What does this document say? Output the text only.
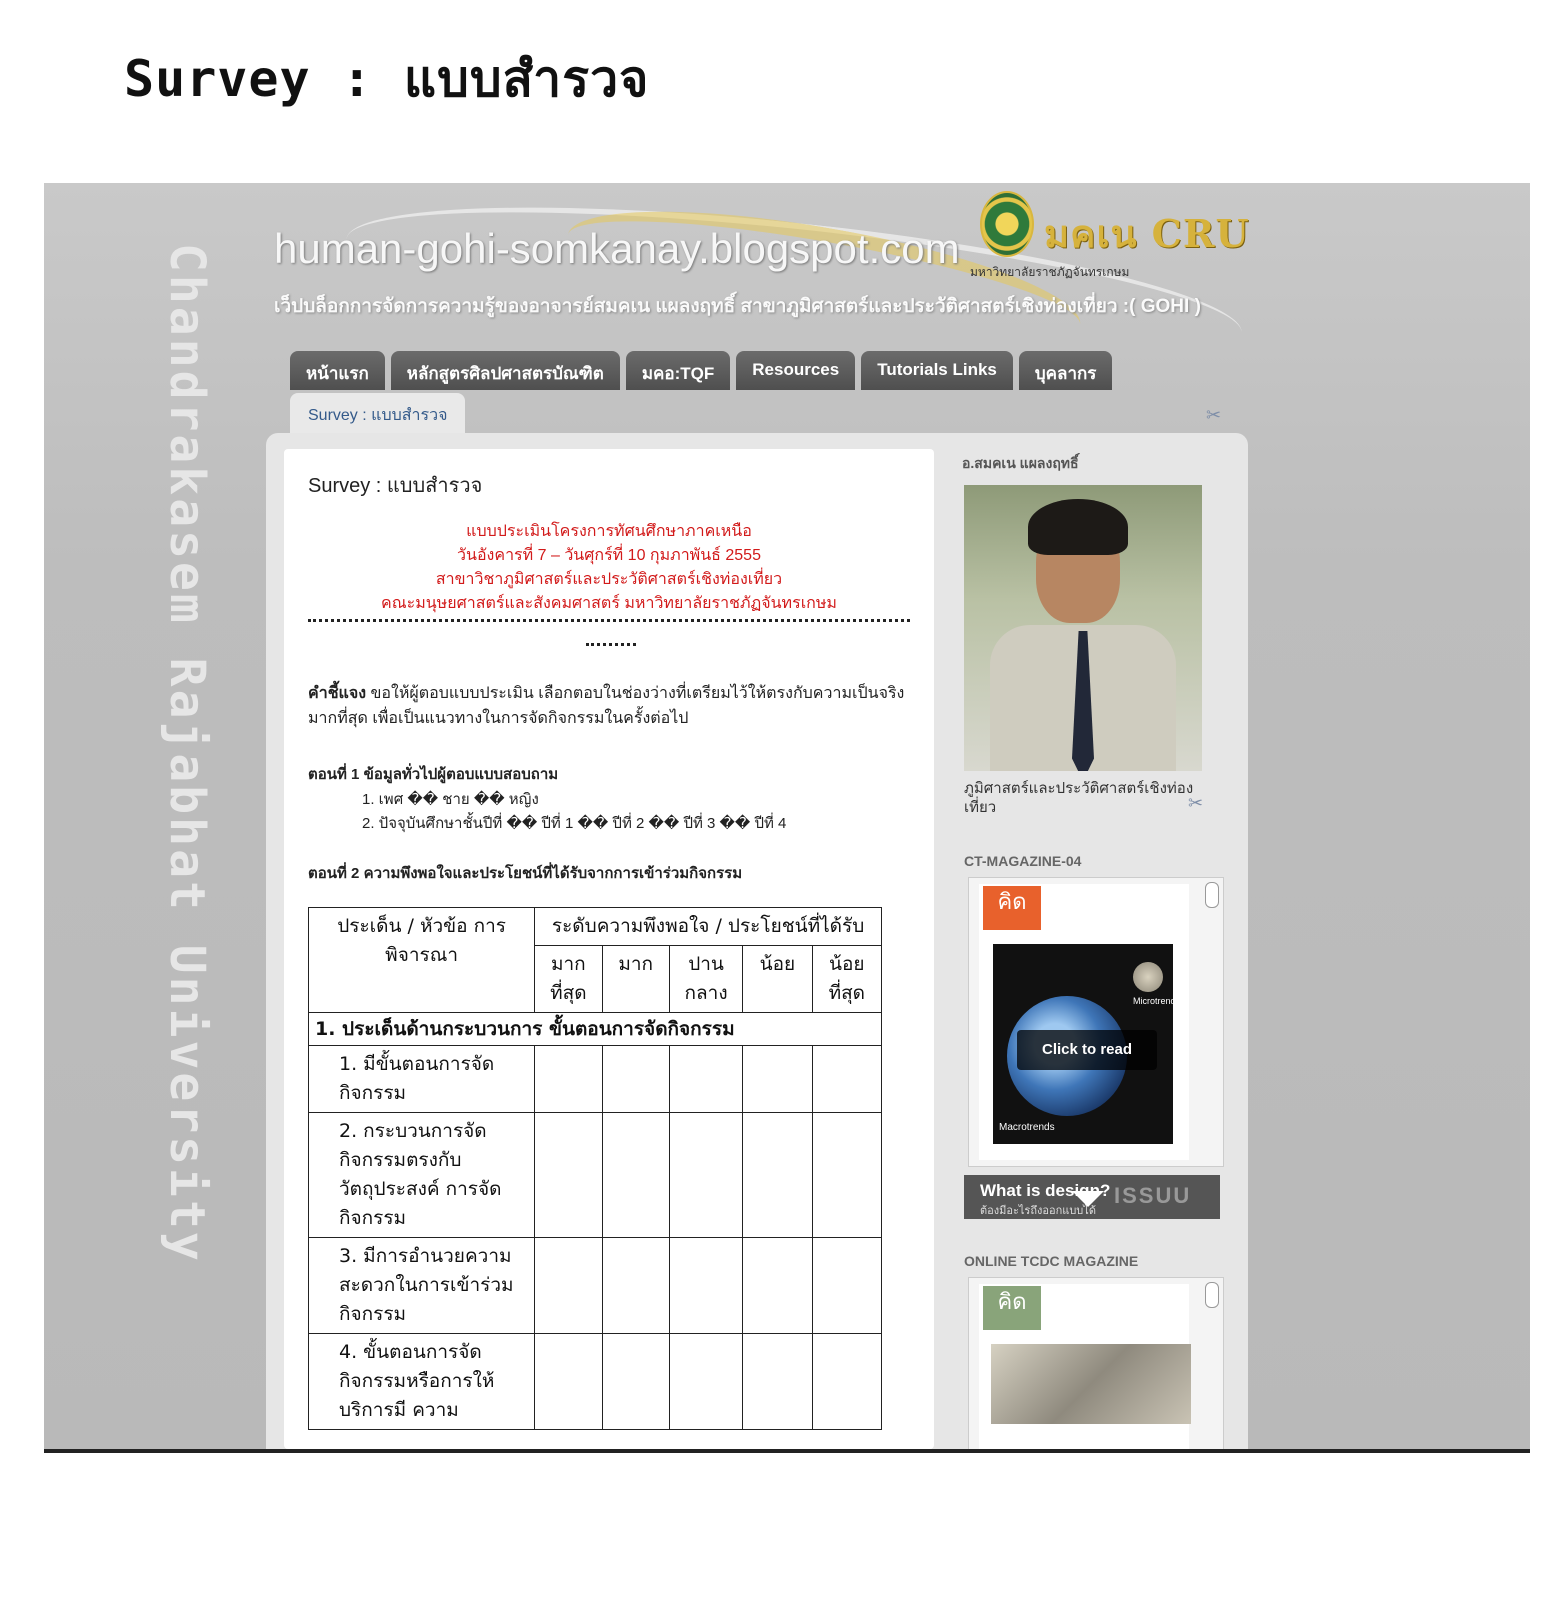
Survey : แบบสำรวจ
Chandrakasem Rajabhat University human-gohi-somkanay.blogspot.com
เว็ปบล็อกการจัดการความรู้ของอาจารย์สมคเน แผลงฤทธิ์ สาขาภูมิศาสตร์และประวัติศาสตร์เชิงท่องเที่ยว :( GOHI )
มคเน CRU
มหาวิทยาลัยราชภัฏจันทรเกษม
หน้าแรก	หลักสูตรศิลปศาสตรบัณฑิต	มคอ:TQF	Resources	Tutorials Links	บุคลากร
Survey : แบบสำรวจ	✂
Survey : แบบสำรวจ
แบบประเมินโครงการทัศนศึกษาภาคเหนือ
วันอังคารที่ 7 – วันศุกร์ที่ 10 กุมภาพันธ์ 2555
สาขาวิชาภูมิศาสตร์และประวัติศาสตร์เชิงท่องเที่ยว
คณะมนุษยศาสตร์และสังคมศาสตร์ มหาวิทยาลัยราชภัฏจันทรเกษม
คำชี้แจง ขอให้ผู้ตอบแบบประเมิน เลือกตอบในช่องว่างที่เตรียมไว้ให้ตรงกับความเป็นจริงมากที่สุด เพื่อเป็นแนวทางในการจัดกิจกรรมในครั้งต่อไป
ตอนที่ 1 ข้อมูลทั่วไปผู้ตอบแบบสอบถาม
1. เพศ �� ชาย �� หญิง
2. ปัจจุบันศึกษาชั้นปีที่ �� ปีที่ 1 �� ปีที่ 2 �� ปีที่ 3 �� ปีที่ 4
ตอนที่ 2 ความพึงพอใจและประโยชน์ที่ได้รับจากการเข้าร่วมกิจกรรม
ประเด็น / หัวข้อ การพิจารณา	ระดับความพึงพอใจ / ประโยชน์ที่ได้รับ				
	มากที่สุด	มาก	ปานกลาง	น้อย	น้อยที่สุด
1. ประเด็นด้านกระบวนการ ขั้นตอนการจัดกิจกรรม					
1. มีขั้นตอนการจัดกิจกรรม					
2. กระบวนการจัดกิจกรรมตรงกับวัตถุประสงค์ การจัดกิจกรรม					
3. มีการอำนวยความสะดวกในการเข้าร่วมกิจกรรม					
4. ขั้นตอนการจัดกิจกรรมหรือการให้บริการมี ความ					
อ.สมคเน แผลงฤทธิ์
ภูมิศาสตร์และประวัติศาสตร์เชิงท่องเที่ยว	✂
CT-MAGAZINE-04
คิด
Microtrends
Macrotrends
Click to read
What is design?
ต้องมีอะไรถึงออกแบบได้
ISSUU
ONLINE TCDC MAGAZINE
คิด
